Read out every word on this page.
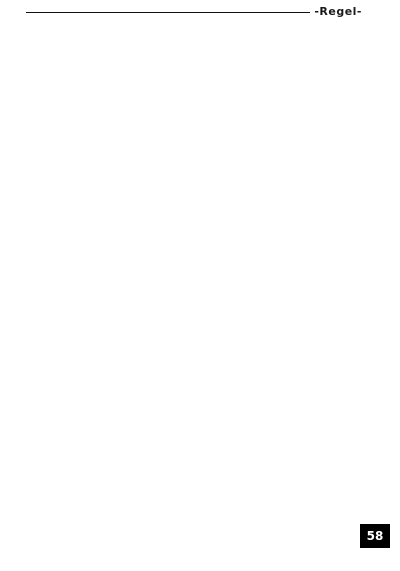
-Regel-
58
